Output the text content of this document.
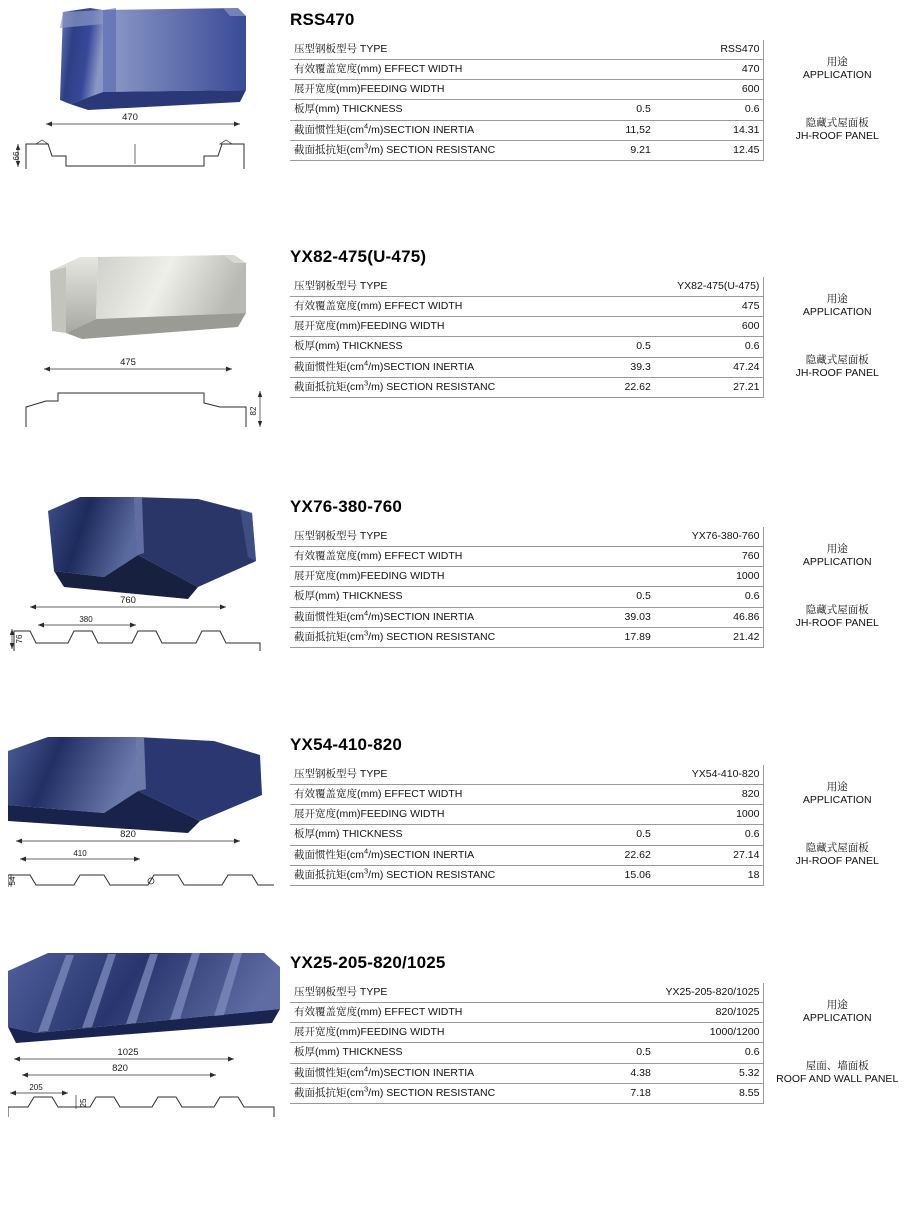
470
66
RSS470
压型钢板型号 TYPE		RSS470	用途
APPLICATION

有效覆盖宽度(mm) EFFECT WIDTH		470	
展开宽度(mm)FEEDING WIDTH		600	
板厚(mm) THICKNESS	0.5	0.6	隐藏式屋面板
JH-ROOF PANEL

截面惯性矩$(cm^4/m)SECTION$ INERTIA	11,52	14.31	
截面抵抗矩$(cm^3/m)$ SECTION RESISTANC	9.21	12.45	
475
82
YX82-475(U-475)
压型钢板型号 TYPE		YX82-475(U-475)	用途
APPLICATION

有效覆盖宽度(mm) EFFECT WIDTH		475	
展开宽度(mm)FEEDING WIDTH		600	
板厚(mm) THICKNESS	0.5	0.6	隐藏式屋面板
JH-ROOF PANEL

截面惯性矩$(cm^4/m)SECTION$ INERTIA	39.3	47.24	
截面抵抗矩$(cm^3/m)$ SECTION RESISTANC	22.62	27.21	
760
380
76
YX76-380-760
压型钢板型号 TYPE		YX76-380-760	用途
APPLICATION

有效覆盖宽度(mm) EFFECT WIDTH		760	
展开宽度(mm)FEEDING WIDTH		1000	
板厚(mm) THICKNESS	0.5	0.6	隐藏式屋面板
JH-ROOF PANEL

截面惯性矩$(cm^4/m)SECTION$ INERTIA	39.03	46.86	
截面抵抗矩$(cm^3/m)$ SECTION RESISTANC	17.89	21.42	
820
410
54
YX54-410-820
压型钢板型号 TYPE		YX54-410-820	用途
APPLICATION

有效覆盖宽度(mm) EFFECT WIDTH		820	
展开宽度(mm)FEEDING WIDTH		1000	
板厚(mm) THICKNESS	0.5	0.6	隐藏式屋面板
JH-ROOF PANEL

截面惯性矩$(cm^4/m)SECTION$ INERTIA	22.62	27.14	
截面抵抗矩$(cm^3/m)$ SECTION RESISTANC	15.06	18	
1025
820
205
25
YX25-205-820/1025
压型钢板型号 TYPE		YX25-205-820/1025	用途
APPLICATION

有效覆盖宽度(mm) EFFECT WIDTH		820/1025	
展开宽度(mm)FEEDING WIDTH		1000/1200	
板厚(mm) THICKNESS	0.5	0.6	屋面、墙面板
ROOF AND WALL PANEL

截面惯性矩$(cm^4/m)SECTION$ INERTIA	4.38	5.32	
截面抵抗矩$(cm^3/m)$ SECTION RESISTANC	7.18	8.55	
